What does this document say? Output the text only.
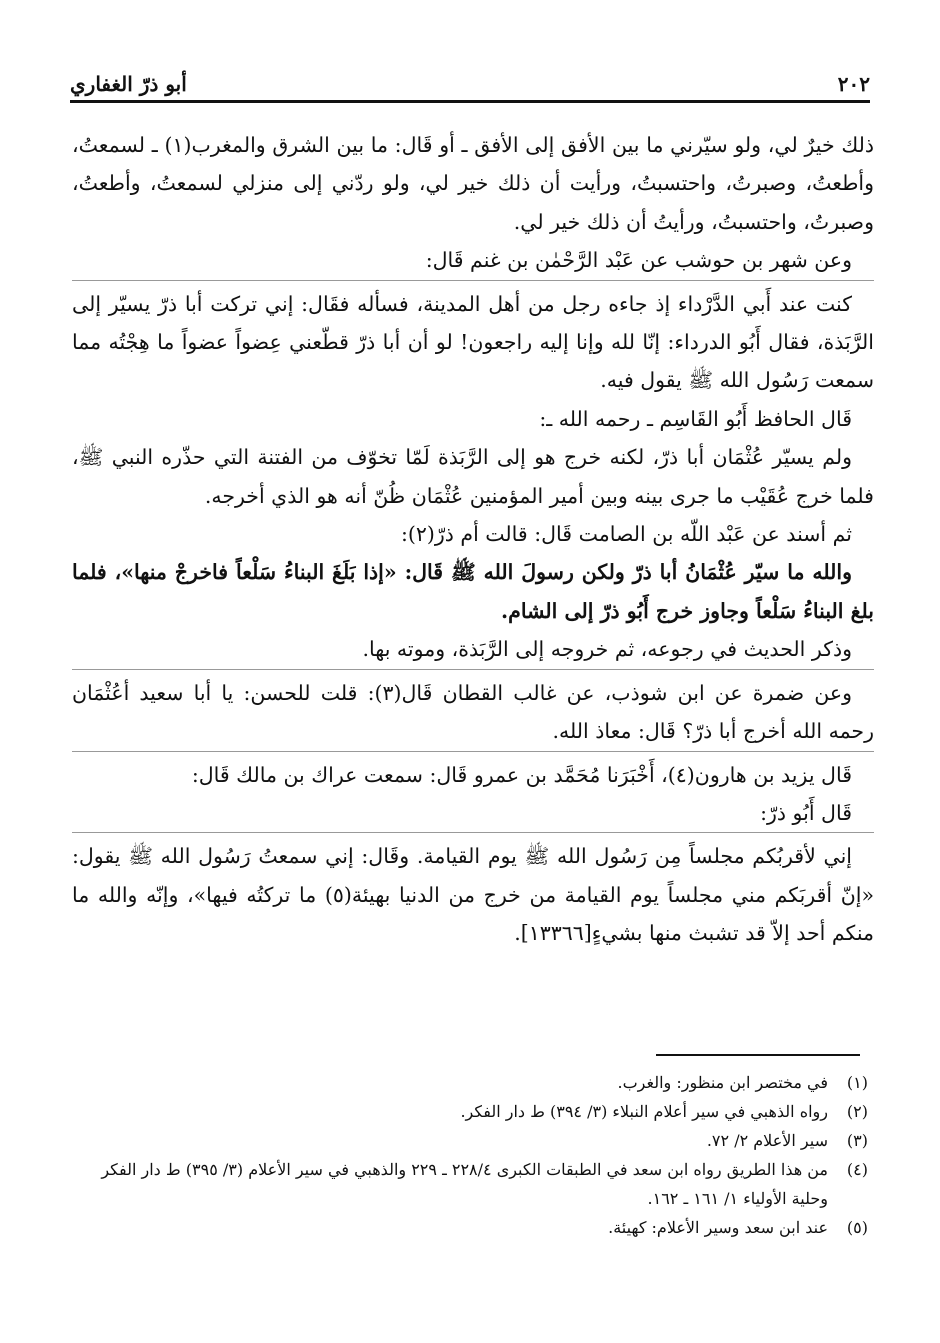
٢٠٢
أبو ذرّ الغفاري

ذلك خيرٌ لي، ولو سيّرني ما بين الأفق إلى الأفق ـ أو قَال: ما بين الشرق والمغرب(١) ـ لسمعتُ، وأطعتُ، وصبرتُ، واحتسبتُ، ورأيت أن ذلك خير لي، ولو ردّني إلى منزلي لسمعتُ، وأطعتُ، وصبرتُ، واحتسبتُ، ورأيتُ أن ذلك خير لي.

وعن شهر بن حوشب عن عَبْد الرَّحْمٰن بن غنم قَال:

كنت عند أَبي الدَّرْداء إذ جاءه رجل من أهل المدينة، فسأله فقَال: إني تركت أبا ذرّ يسيّر إلى الرَّبَذة، فقال أَبُو الدرداء: إنّا لله وإنا إليه راجعون! لو أن أبا ذرّ قطّعني عِضواً عضواً ما هِجْتُه مما سمعت رَسُول الله ﷺ يقول فيه.

قَال الحافظ أَبُو القَاسِم ـ رحمه الله ـ:

ولم يسيّر عُثْمَان أبا ذرّ، لكنه خرج هو إلى الرَّبَذة لَمّا تخوّف من الفتنة التي حذّره النبي ﷺ، فلما خرج عُقَيْب ما جرى بينه وبين أمير المؤمنين عُثْمَان ظُنّ أنه هو الذي أخرجه.

ثم أسند عن عَبْد اللّه بن الصامت قَال: قالت أم ذرّ(٢):

والله ما سيّر عُثْمَانُ أبا ذرّ ولكن رسولَ الله ﷺ قَال: «إذا بَلَغَ البناءُ سَلْعاً فاخرجْ منها»، فلما بلغ البناءُ سَلْعاً وجاوز خرج أَبُو ذرّ إلى الشام.

وذكر الحديث في رجوعه، ثم خروجه إلى الرَّبَذة، وموته بها.

وعن ضمرة عن ابن شوذب، عن غالب القطان قَال(٣): قلت للحسن: يا أبا سعيد أعُثْمَان رحمه الله أخرج أبا ذرّ؟ قَال: معاذ الله.

قَال يزيد بن هارون(٤)، أَخْبَرَنا مُحَمَّد بن عمرو قَال: سمعت عراك بن مالك قَال:

قَال أَبُو ذرّ:

إني لأقربُكم مجلساً مِن رَسُول الله ﷺ يوم القيامة. وقَال: إني سمعتُ رَسُول الله ﷺ يقول: «إنّ أقربَكم مني مجلساً يوم القيامة من خرج من الدنيا بهيئة(٥) ما تركتُه فيها»، وإنّه والله ما منكم أحد إلاّ قد تشبث منها بشيءٍ[١٣٣٦٦].

(١)
في مختصر ابن منظور: والغرب.
(٢)
رواه الذهبي في سير أعلام النبلاء (٣/ ٣٩٤) ط دار الفكر.
(٣)
سير الأعلام ٢/ ٧٢.
(٤)
من هذا الطريق رواه ابن سعد في الطبقات الكبرى ٢٢٨/٤ ـ ٢٢٩ والذهبي في سير الأعلام (٣/ ٣٩٥) ط دار الفكر وحلية الأولياء ١/ ١٦١ ـ ١٦٢.
(٥)
عند ابن سعد وسير الأعلام: كهيئة.
